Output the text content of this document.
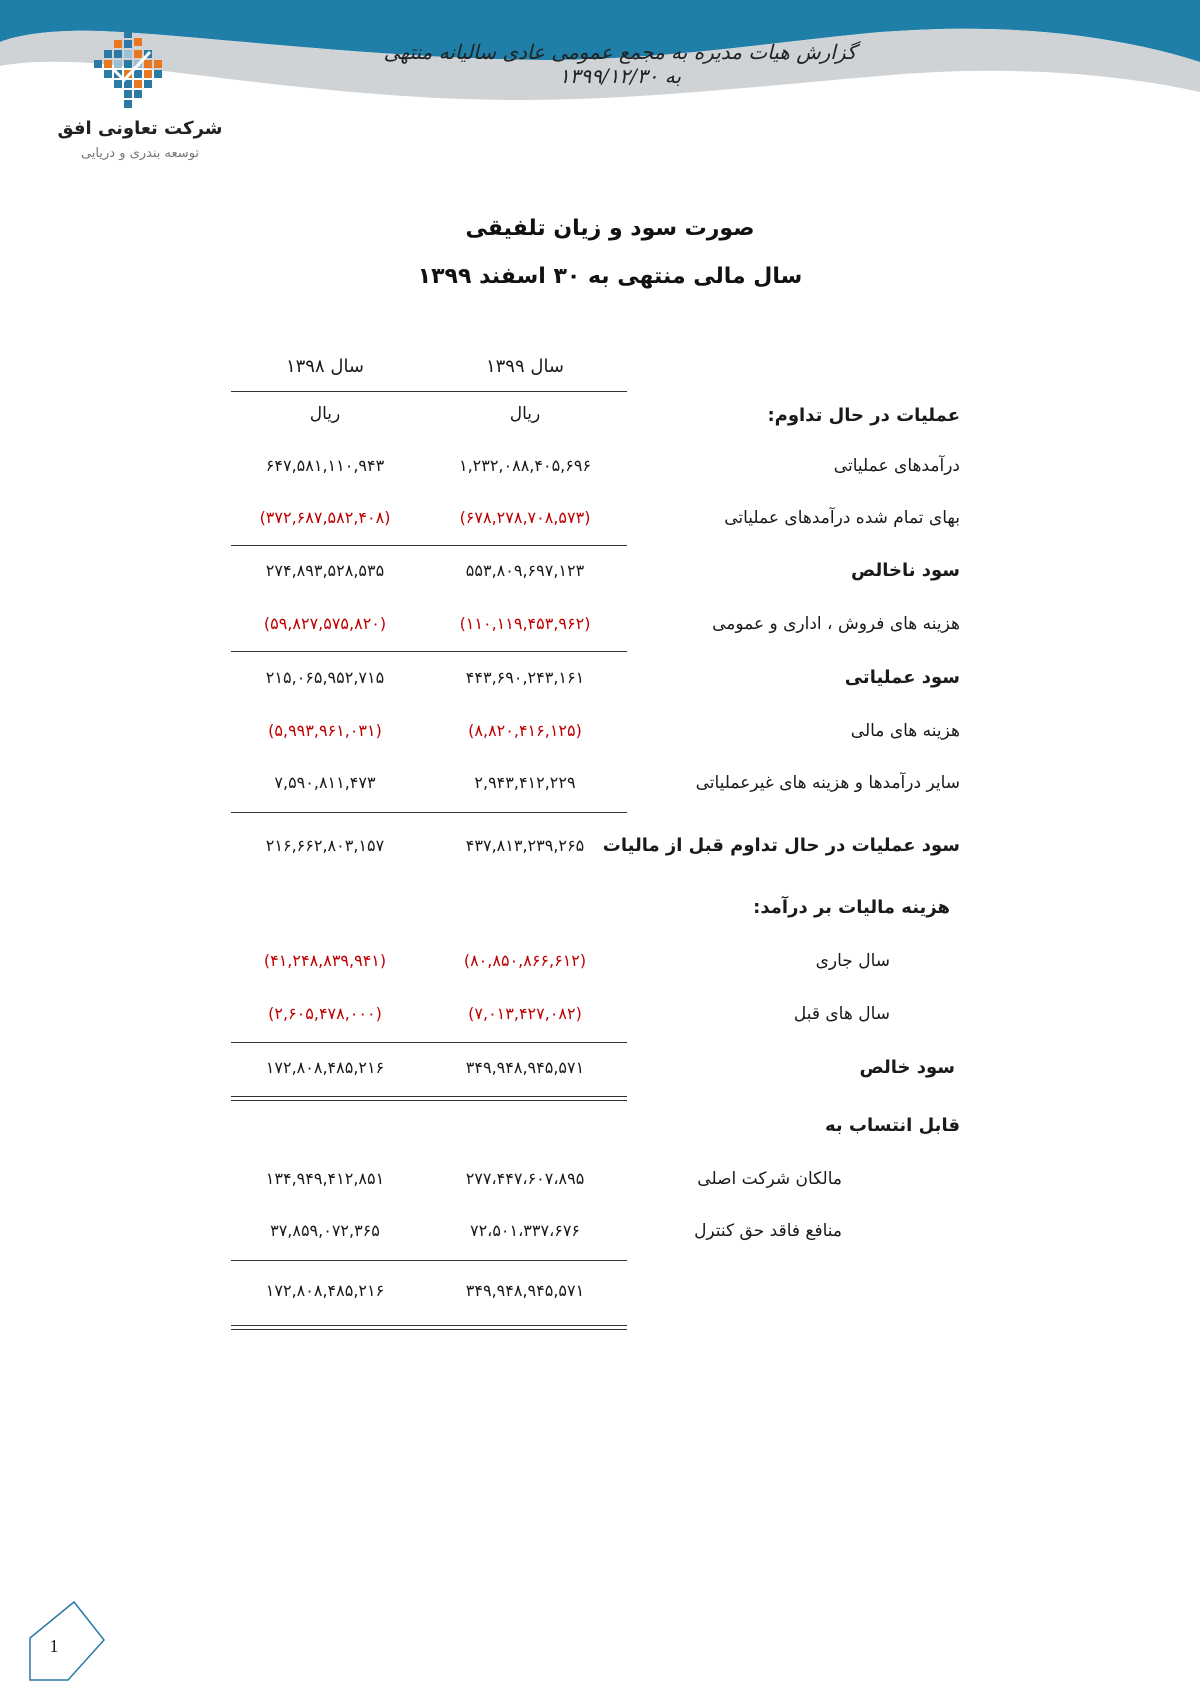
گزارش هیات مدیره به مجمع عمومی عادی سالیانه منتهی به ۱۳۹۹/۱۲/۳۰
شرکت تعاونی افق
توسعه بندری و دریایی
صورت سود و زیان تلفیقی
سال مالی منتهی به ۳۰ اسفند ۱۳۹۹
سال ۱۳۹۹
سال ۱۳۹۸
ریال
ریال	عملیات در حال تداوم:
درآمدهای عملیاتی
۱,۲۳۲,۰۸۸,۴۰۵,۶۹۶
۶۴۷,۵۸۱,۱۱۰,۹۴۳
بهای تمام شده درآمدهای عملیاتی
(۶۷۸,۲۷۸,۷۰۸,۵۷۳)
(۳۷۲,۶۸۷,۵۸۲,۴۰۸)
سود ناخالص
۵۵۳,۸۰۹,۶۹۷,۱۲۳
۲۷۴,۸۹۳,۵۲۸,۵۳۵
هزینه های فروش ، اداری و عمومی
(۱۱۰,۱۱۹,۴۵۳,۹۶۲)
(۵۹,۸۲۷,۵۷۵,۸۲۰)
سود عملیاتی
۴۴۳,۶۹۰,۲۴۳,۱۶۱
۲۱۵,۰۶۵,۹۵۲,۷۱۵
هزینه های مالی
(۸,۸۲۰,۴۱۶,۱۲۵)
(۵,۹۹۳,۹۶۱,۰۳۱)
سایر درآمدها و هزینه های غیرعملیاتی
۲,۹۴۳,۴۱۲,۲۲۹
۷,۵۹۰,۸۱۱,۴۷۳
سود عملیات در حال تداوم قبل از مالیات
۴۳۷,۸۱۳,۲۳۹,۲۶۵
۲۱۶,۶۶۲,۸۰۳,۱۵۷
هزینه مالیات بر درآمد:
سال جاری
(۸۰,۸۵۰,۸۶۶,۶۱۲)
(۴۱,۲۴۸,۸۳۹,۹۴۱)
سال های قبل
(۷,۰۱۳,۴۲۷,۰۸۲)
(۲,۶۰۵,۴۷۸,۰۰۰)
سود خالص
۳۴۹,۹۴۸,۹۴۵,۵۷۱
۱۷۲,۸۰۸,۴۸۵,۲۱۶
قابل انتساب به
مالکان شرکت اصلی
۲۷۷،۴۴۷،۶۰۷،۸۹۵
۱۳۴,۹۴۹,۴۱۲,۸۵۱
منافع فاقد حق کنترل
۷۲،۵۰۱،۳۳۷،۶۷۶
۳۷,۸۵۹,۰۷۲,۳۶۵
۳۴۹,۹۴۸,۹۴۵,۵۷۱
۱۷۲,۸۰۸,۴۸۵,۲۱۶
1
